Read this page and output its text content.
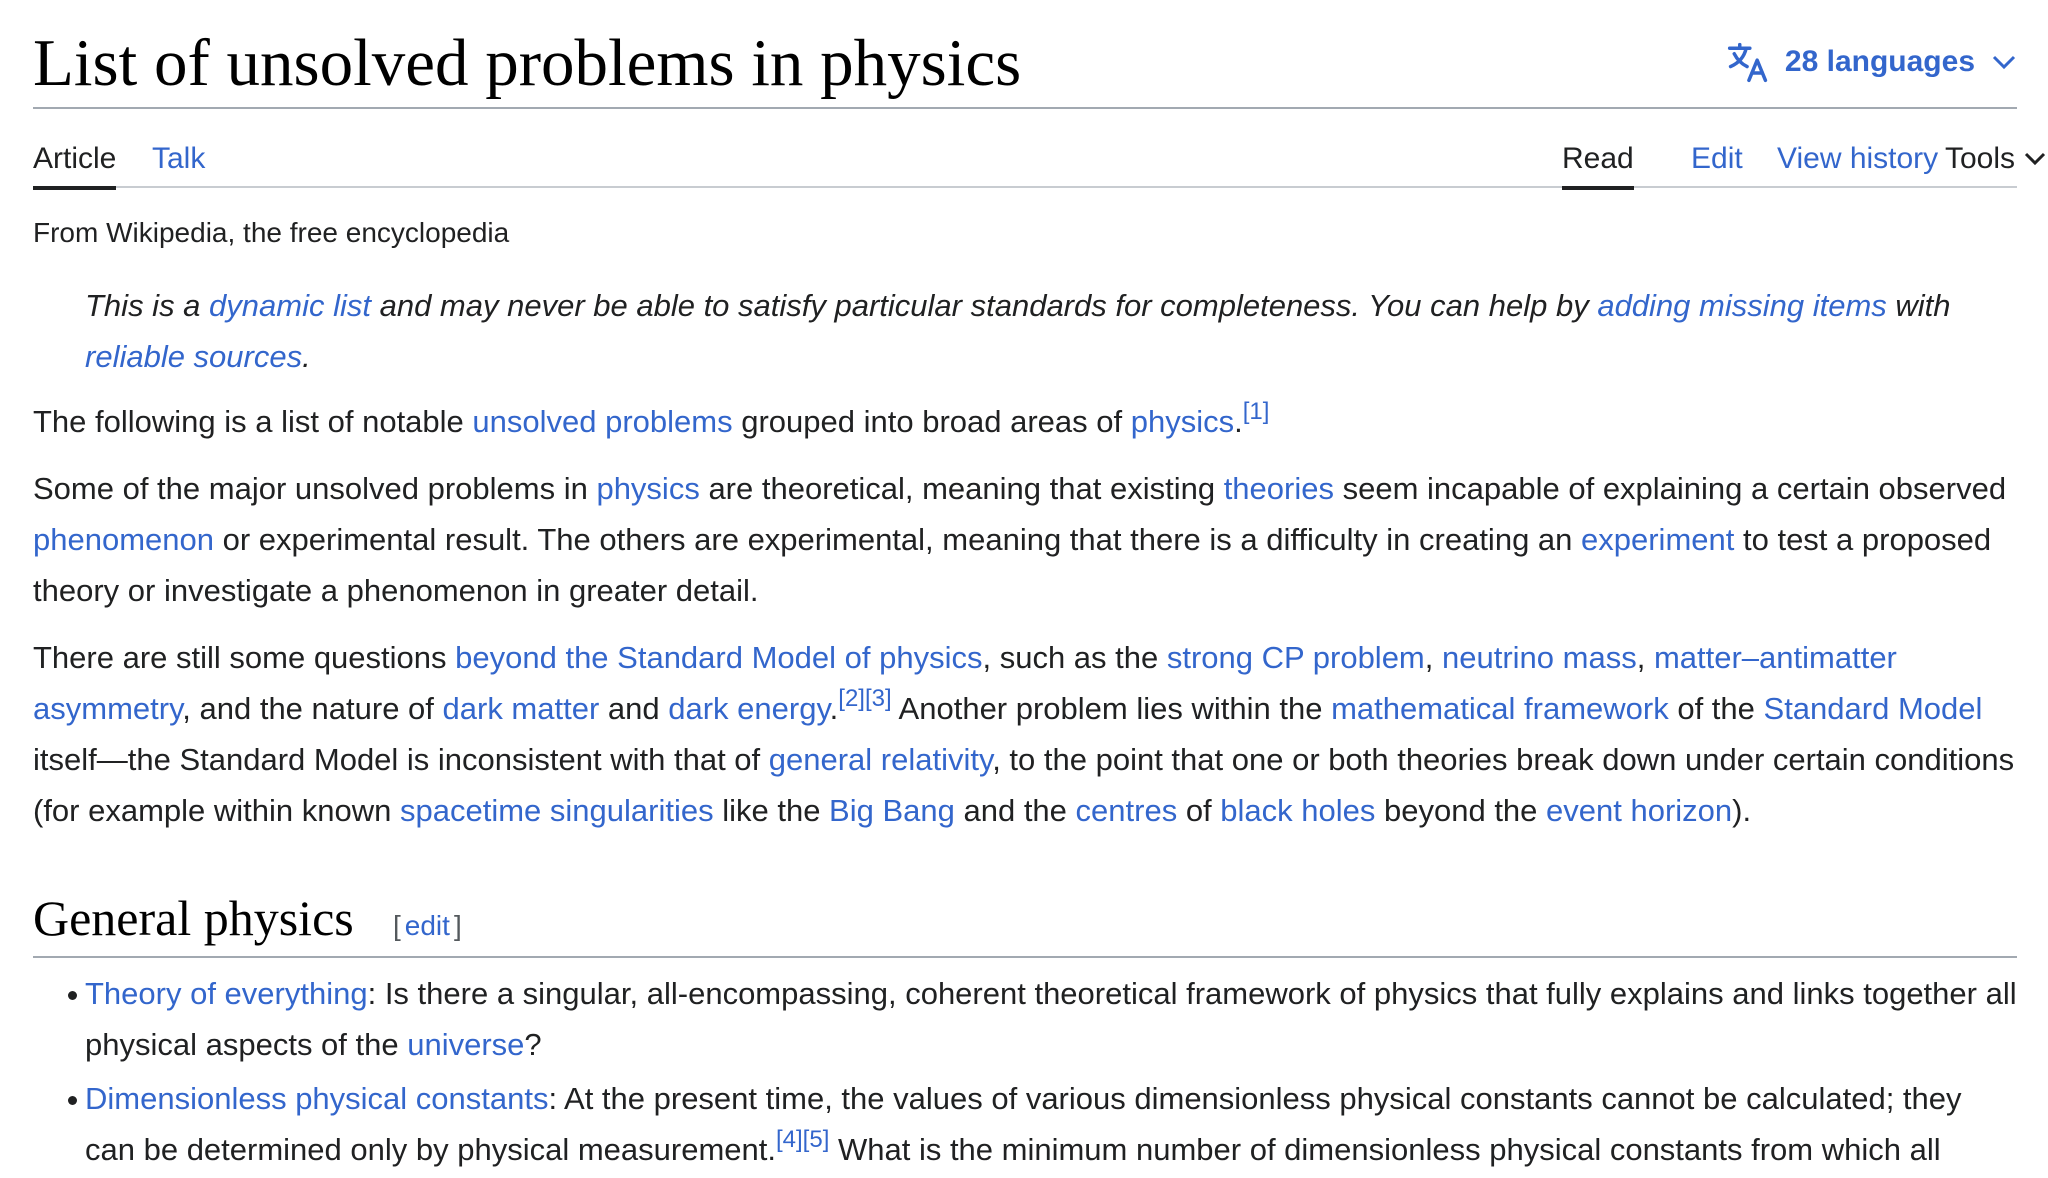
List of unsolved problems in physics	28 languages
Article Talk	Read Edit View history Tools
From Wikipedia, the free encyclopedia
This is a dynamic list and may never be able to satisfy particular standards for completeness. You can help by adding missing items with reliable sources.

The following is a list of notable unsolved problems grouped into broad areas of physics.[1]

Some of the major unsolved problems in physics are theoretical, meaning that existing theories seem incapable of explaining a certain observed phenomenon or experimental result. The others are experimental, meaning that there is a difficulty in creating an experiment to test a proposed theory or investigate a phenomenon in greater detail.

There are still some questions beyond the Standard Model of physics, such as the strong CP problem, neutrino mass, matter–antimatter asymmetry, and the nature of dark matter and dark energy.[2][3] Another problem lies within the mathematical framework of the Standard Model itself—the Standard Model is inconsistent with that of general relativity, to the point that one or both theories break down under certain conditions (for example within known spacetime singularities like the Big Bang and the centres of black holes beyond the event horizon).

General physics [ edit ]
Theory of everything: Is there a singular, all-encompassing, coherent theoretical framework of physics that fully explains and links together all physical aspects of the universe?
Dimensionless physical constants: At the present time, the values of various dimensionless physical constants cannot be calculated; they can be determined only by physical measurement.[4][5] What is the minimum number of dimensionless physical constants from which all
